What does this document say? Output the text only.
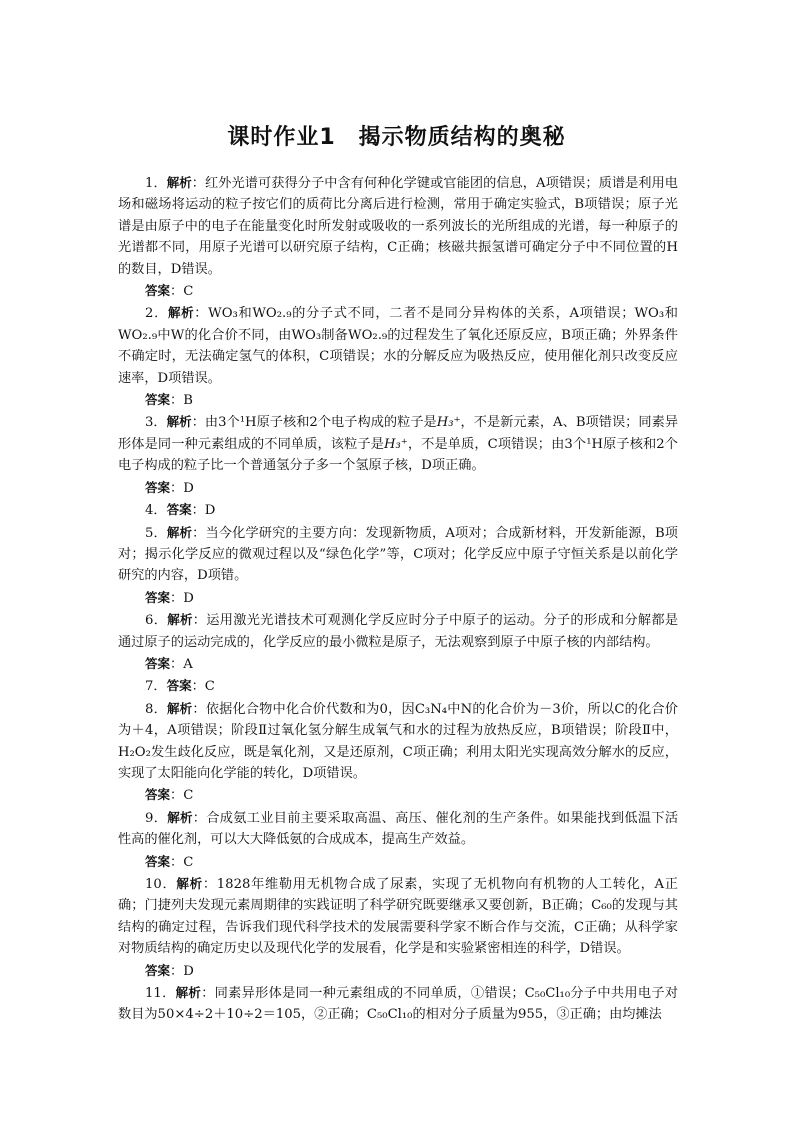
课时作业1　揭示物质结构的奥秘

1．解析：红外光谱可获得分子中含有何种化学键或官能团的信息，A项错误；质谱是利用电场和磁场将运动的粒子按它们的质荷比分离后进行检测，常用于确定实验式，B项错误；原子光谱是由原子中的电子在能量变化时所发射或吸收的一系列波长的光所组成的光谱，每一种原子的光谱都不同，用原子光谱可以研究原子结构，C正确；核磁共振氢谱可确定分子中不同位置的H的数目，D错误。

答案：C

2．解析：WO₃和WO₂.₉的分子式不同，二者不是同分异构体的关系，A项错误；WO₃和WO₂.₉中W的化合价不同，由WO₃制备WO₂.₉的过程发生了氧化还原反应，B项正确；外界条件不确定时，无法确定氢气的体积，C项错误；水的分解反应为吸热反应，使用催化剂只改变反应速率，D项错误。

答案：B

3．解析：由3个¹H原子核和2个电子构成的粒子是H₃⁺，不是新元素，A、B项错误；同素异形体是同一种元素组成的不同单质，该粒子是H₃⁺，不是单质，C项错误；由3个¹H原子核和2个电子构成的粒子比一个普通氢分子多一个氢原子核，D项正确。

答案：D

4．答案：D

5．解析：当今化学研究的主要方向：发现新物质，A项对；合成新材料，开发新能源，B项对；揭示化学反应的微观过程以及“绿色化学”等，C项对；化学反应中原子守恒关系是以前化学研究的内容，D项错。

答案：D

6．解析：运用激光光谱技术可观测化学反应时分子中原子的运动。分子的形成和分解都是通过原子的运动完成的，化学反应的最小微粒是原子，无法观察到原子中原子核的内部结构。

答案：A

7．答案：C

8．解析：依据化合物中化合价代数和为0，因C₃N₄中N的化合价为－3价，所以C的化合价为＋4，A项错误；阶段Ⅱ过氧化氢分解生成氧气和水的过程为放热反应，B项错误；阶段Ⅱ中，H₂O₂发生歧化反应，既是氧化剂，又是还原剂，C项正确；利用太阳光实现高效分解水的反应，实现了太阳能向化学能的转化，D项错误。

答案：C

9．解析：合成氨工业目前主要采取高温、高压、催化剂的生产条件。如果能找到低温下活性高的催化剂，可以大大降低氨的合成成本，提高生产效益。

答案：C

10．解析：1828年维勒用无机物合成了尿素，实现了无机物向有机物的人工转化，A正确；门捷列夫发现元素周期律的实践证明了科学研究既要继承又要创新，B正确；C₆₀的发现与其结构的确定过程，告诉我们现代科学技术的发展需要科学家不断合作与交流，C正确；从科学家对物质结构的确定历史以及现代化学的发展看，化学是和实验紧密相连的科学，D错误。

答案：D

11．解析：同素异形体是同一种元素组成的不同单质，①错误；C₅₀Cl₁₀分子中共用电子对数目为50×4÷2＋10÷2＝105，②正确；C₅₀Cl₁₀的相对分子质量为955，③正确；由均摊法
